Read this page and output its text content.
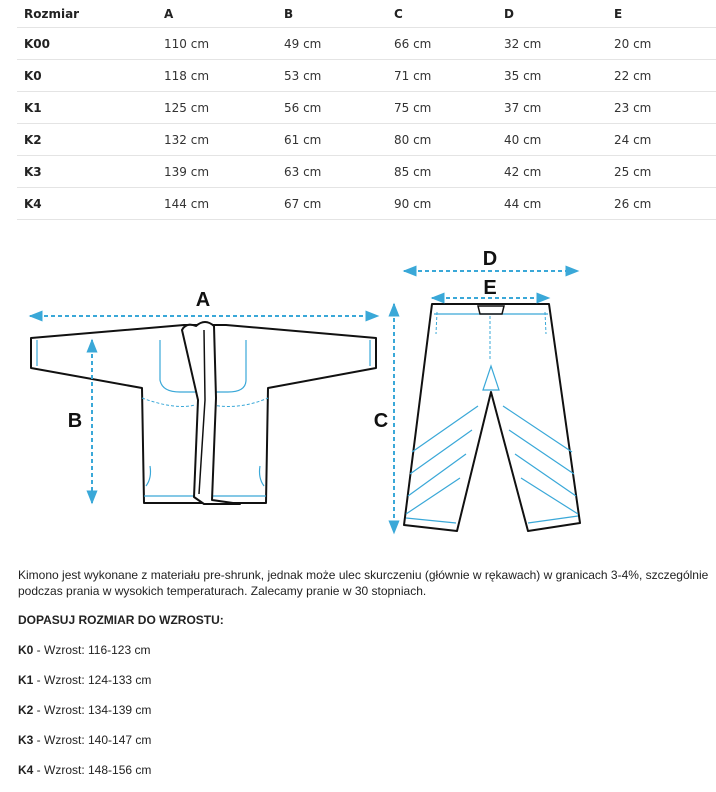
Rozmiar	A	B	C	D	E
K00	110 cm	49 cm	66 cm	32 cm	20 cm
K0	118 cm	53 cm	71 cm	35 cm	22 cm
K1	125 cm	56 cm	75 cm	37 cm	23 cm
K2	132 cm	61 cm	80 cm	40 cm	24 cm
K3	139 cm	63 cm	85 cm	42 cm	25 cm
K4	144 cm	67 cm	90 cm	44 cm	26 cm
A
B
D
E
C

Kimono jest wykonane z materiału pre-shrunk, jednak może ulec skurczeniu (głównie w rękawach) w granicach 3-4%, szczególnie podczas prania w wysokich temperaturach. Zalecamy pranie w 30 stopniach.

DOPASUJ ROZMIAR DO WZROSTU:

K0 - Wzrost: 116-123 cm
K1 - Wzrost: 124-133 cm
K2 - Wzrost: 134-139 cm
K3 - Wzrost: 140-147 cm
K4 - Wzrost: 148-156 cm
